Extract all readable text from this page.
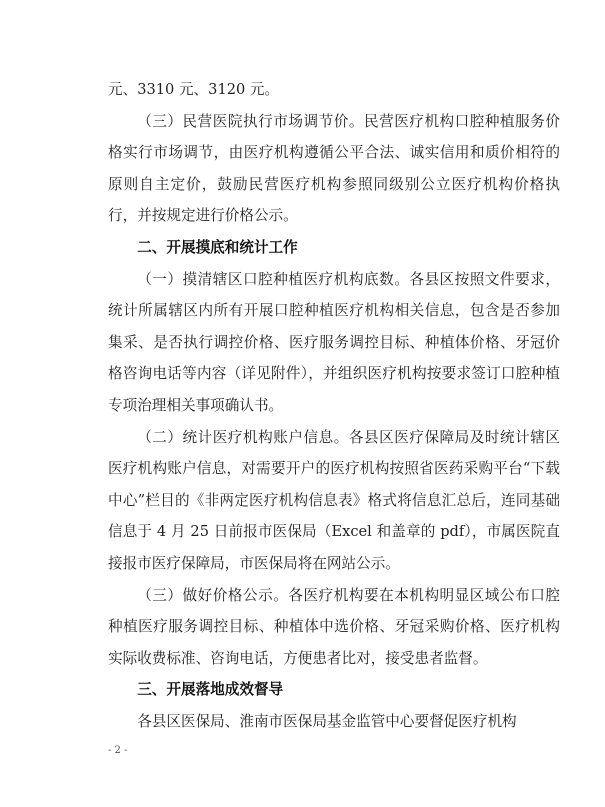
元、3310 元、3120 元。

（三）民营医院执行市场调节价。民营医疗机构口腔种植服务价格实行市场调节，由医疗机构遵循公平合法、诚实信用和质价相符的原则自主定价，鼓励民营医疗机构参照同级别公立医疗机构价格执行，并按规定进行价格公示。

二、开展摸底和统计工作

（一）摸清辖区口腔种植医疗机构底数。各县区按照文件要求，统计所属辖区内所有开展口腔种植医疗机构相关信息，包含是否参加集采、是否执行调控价格、医疗服务调控目标、种植体价格、牙冠价格咨询电话等内容（详见附件），并组织医疗机构按要求签订口腔种植专项治理相关事项确认书。

（二）统计医疗机构账户信息。各县区医疗保障局及时统计辖区医疗机构账户信息，对需要开户的医疗机构按照省医药采购平台“下载中心”栏目的《非两定医疗机构信息表》格式将信息汇总后，连同基础信息于 4 月 25 日前报市医保局（Excel 和盖章的 pdf），市属医院直接报市医疗保障局，市医保局将在网站公示。

（三）做好价格公示。各医疗机构要在本机构明显区域公布口腔种植医疗服务调控目标、种植体中选价格、牙冠采购价格、医疗机构实际收费标准、咨询电话，方便患者比对，接受患者监督。

三、开展落地成效督导

各县区医保局、淮南市医保局基金监管中心要督促医疗机构

- 2 -
